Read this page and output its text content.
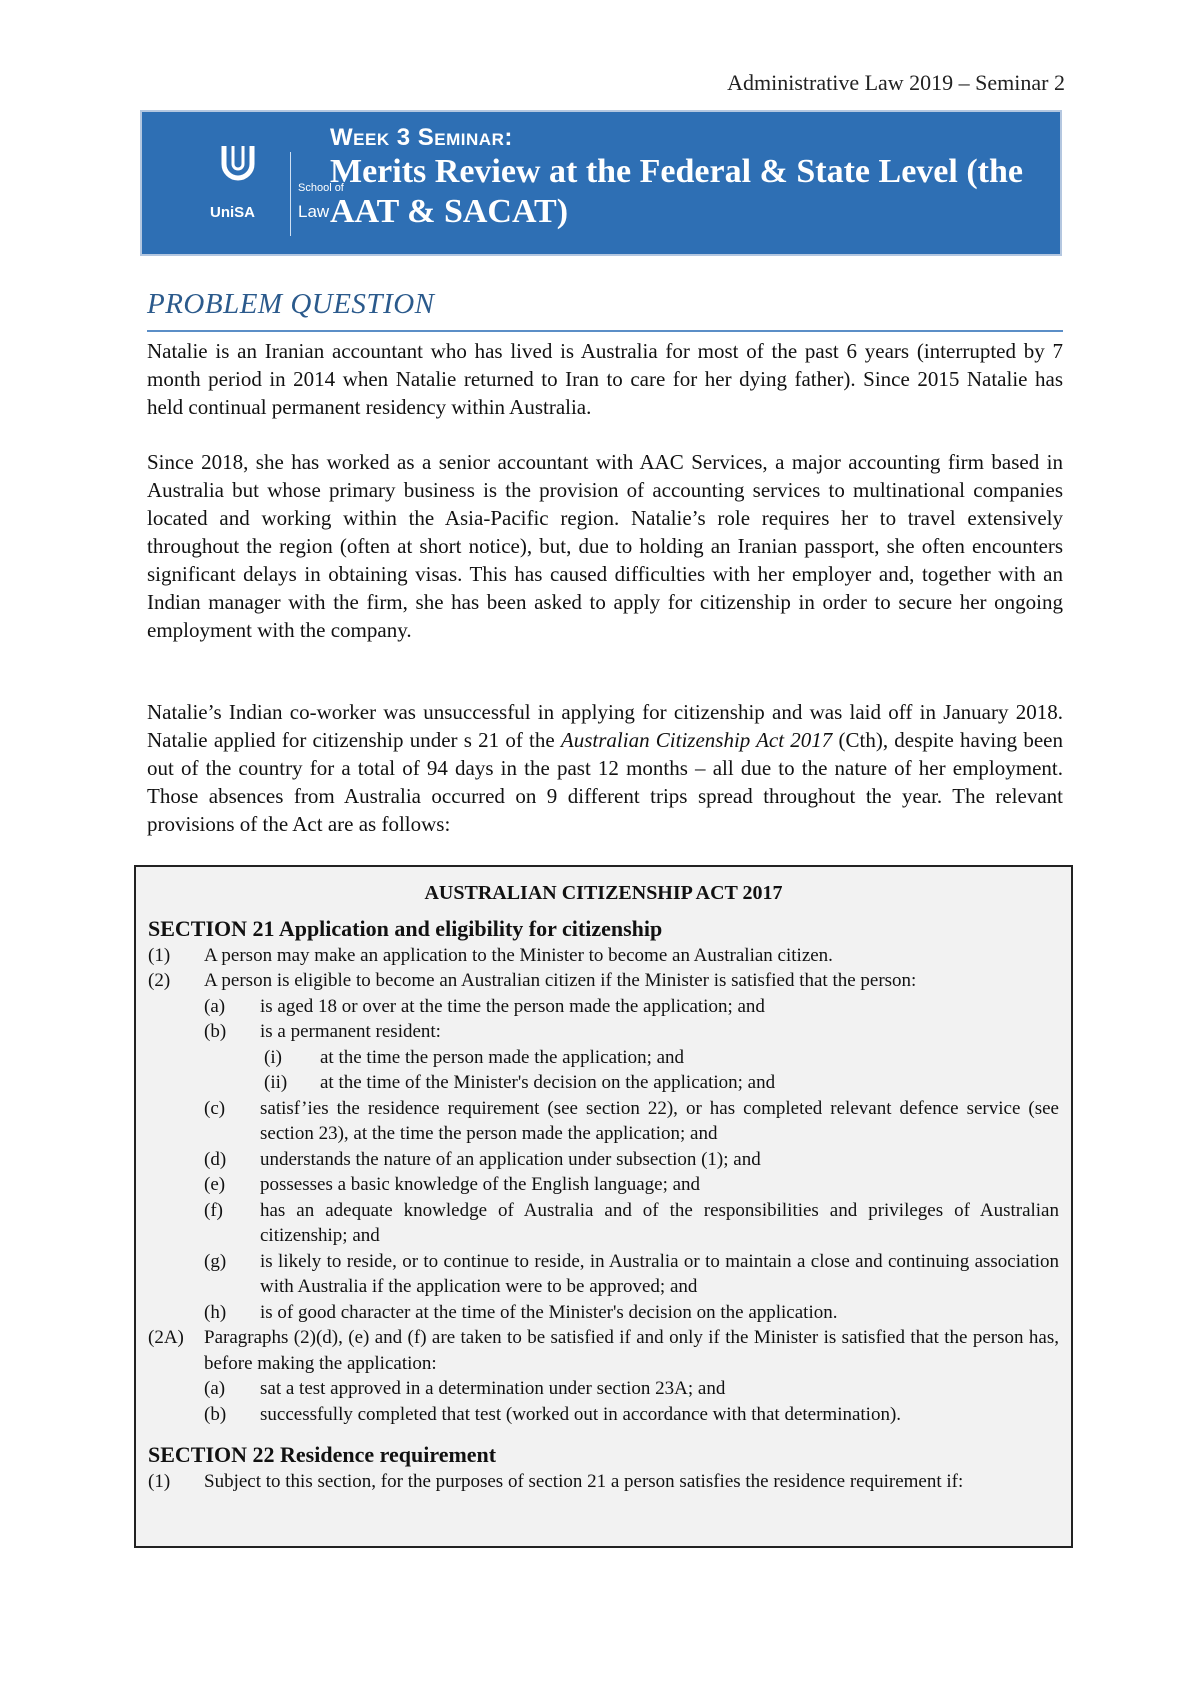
Administrative Law 2019 – Seminar 2
UniSA
School of
Law
Week 3 Seminar:
Merits Review at the Federal & State Level (the AAT & SACAT)
PROBLEM QUESTION
Natalie is an Iranian accountant who has lived is Australia for most of the past 6 years (interrupted by 7 month period in 2014 when Natalie returned to Iran to care for her dying father). Since 2015 Natalie has held continual permanent residency within Australia.
Since 2018, she has worked as a senior accountant with AAC Services, a major accounting firm based in Australia but whose primary business is the provision of accounting services to multinational companies located and working within the Asia-Pacific region. Natalie’s role requires her to travel extensively throughout the region (often at short notice), but, due to holding an Iranian passport, she often encounters significant delays in obtaining visas. This has caused difficulties with her employer and, together with an Indian manager with the firm, she has been asked to apply for citizenship in order to secure her ongoing employment with the company.
Natalie’s Indian co-worker was unsuccessful in applying for citizenship and was laid off in January 2018. Natalie applied for citizenship under s 21 of the Australian Citizenship Act 2017 (Cth), despite having been out of the country for a total of 94 days in the past 12 months – all due to the nature of her employment. Those absences from Australia occurred on 9 different trips spread throughout the year. The relevant provisions of the Act are as follows:
AUSTRALIAN CITIZENSHIP ACT 2017
SECTION 21 Application and eligibility for citizenship
(1)	A person may make an application to the Minister to become an Australian citizen.
(2)	A person is eligible to become an Australian citizen if the Minister is satisfied that the person:
(a)	is aged 18 or over at the time the person made the application; and
(b)	is a permanent resident:
(i)	at the time the person made the application; and
(ii)	at the time of the Minister's decision on the application; and
(c)	satisf’ies the residence requirement (see section 22), or has completed relevant defence service (see section 23), at the time the person made the application; and
(d)	understands the nature of an application under subsection (1); and
(e)	possesses a basic knowledge of the English language; and
(f)	has an adequate knowledge of Australia and of the responsibilities and privileges of Australian citizenship; and
(g)	is likely to reside, or to continue to reside, in Australia or to maintain a close and continuing association with Australia if the application were to be approved; and
(h)	is of good character at the time of the Minister's decision on the application.
(2A)	Paragraphs (2)(d), (e) and (f) are taken to be satisfied if and only if the Minister is satisfied that the person has, before making the application:
(a)	sat a test approved in a determination under section 23A; and
(b)	successfully completed that test (worked out in accordance with that determination).
SECTION 22 Residence requirement
(1)	Subject to this section, for the purposes of section 21 a person satisfies the residence requirement if:
